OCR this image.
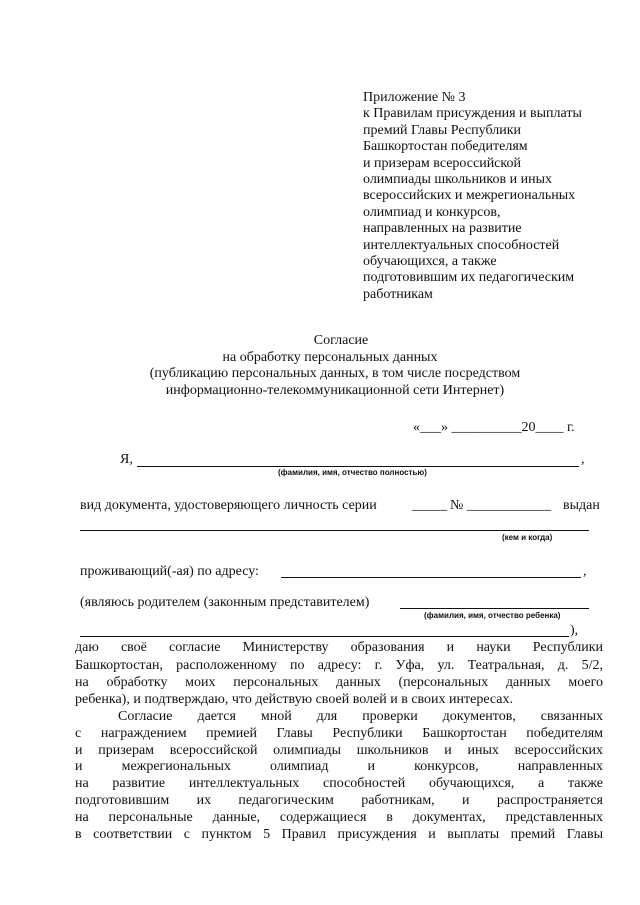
Приложение № 3
к Правилам присуждения и выплаты
премий Главы Республики
Башкортостан победителям
и призерам всероссийской
олимпиады школьников и иных
всероссийских и межрегиональных
олимпиад и конкурсов,
направленных на развитие
интеллектуальных способностей
обучающихся, а также
подготовившим их педагогическим
работникам
Согласие
на обработку персональных данных
(публикацию персональных данных, в том числе посредством
информационно-телекоммуникационной сети Интернет)
«___» __________20____ г.
Я,	,
(фамилия, имя, отчество полностью)
вид документа, удостоверяющего личность серии	_____ № ____________ выдан
(кем и когда)
проживающий(-ая) по адресу:	,
(являюсь родителем (законным представителем)
(фамилия, имя, отчество ребенка)
),
даю своё согласие Министерству образования и науки Республики
Башкортостан, расположенному по адресу: г. Уфа, ул. Театральная, д. 5/2,
на обработку моих персональных данных (персональных данных моего
ребенка), и подтверждаю, что действую своей волей и в своих интересах.
Согласие дается мной для проверки документов, связанных
с награждением премией Главы Республики Башкортостан победителям
и призерам всероссийской олимпиады школьников и иных всероссийских
и межрегиональных олимпиад и конкурсов, направленных
на развитие интеллектуальных способностей обучающихся, а также
подготовившим их педагогическим работникам, и распространяется
на персональные данные, содержащиеся в документах, представленных
в соответствии с пунктом 5 Правил присуждения и выплаты премий Главы
